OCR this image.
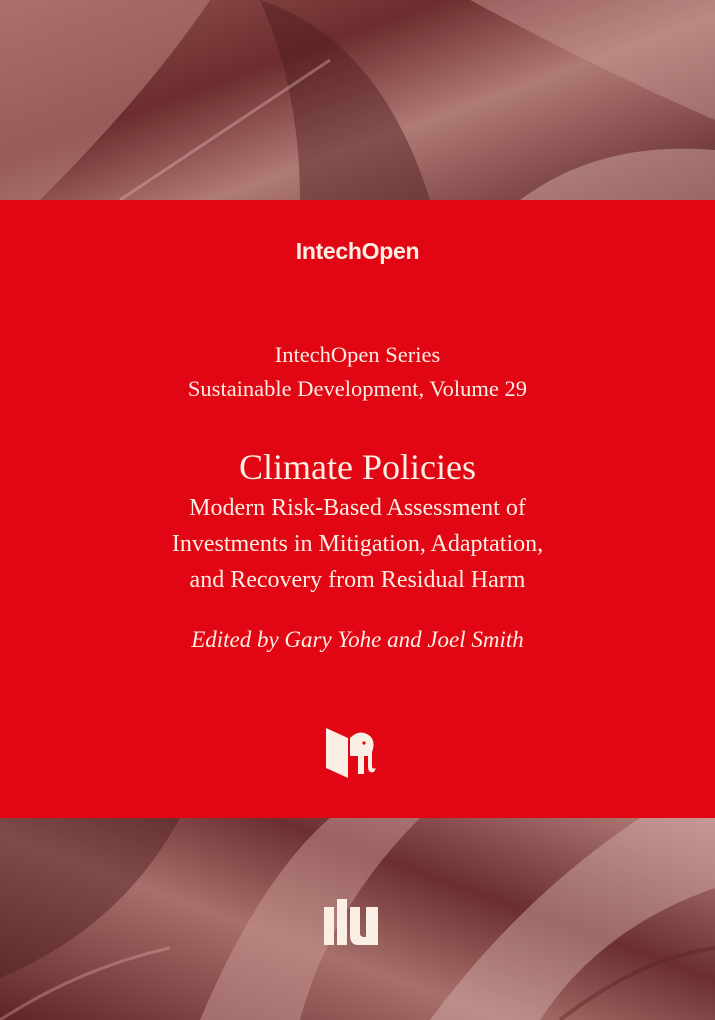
IntechOpen
IntechOpen Series
Sustainable Development, Volume 29
Climate Policies
Modern Risk-Based Assessment of
Investments in Mitigation, Adaptation,
and Recovery from Residual Harm
Edited by Gary Yohe and Joel Smith
